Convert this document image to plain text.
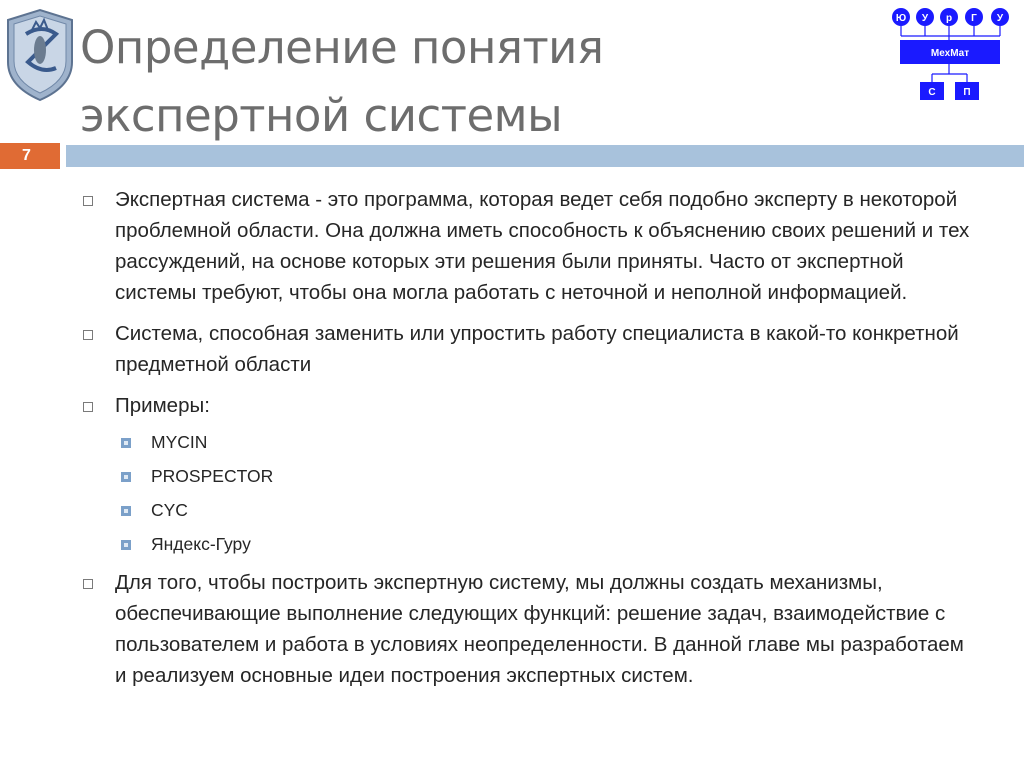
Определение понятия
экспертной системы
Ю У р Г У
МехМат
С	П
7
Экспертная система - это программа, которая ведет себя подобно эксперту в некоторой проблемной области. Она должна иметь способность к объяснению своих решений и тех рассуждений, на основе которых эти решения были приняты. Часто от экспертной системы требуют, чтобы она могла работать с неточной и неполной информацией.
Система, способная заменить или упростить работу специалиста в какой-то конкретной предметной области
Примеры:
MYCIN
PROSPECTOR
CYC
Яндекс-Гуру
Для того, чтобы построить экспертную систему, мы должны создать механизмы, обеспечивающие выполнение следующих функций: решение задач, взаимодействие с пользователем и работа в условиях неопределенности. В данной главе мы разработаем и реализуем основные идеи построения экспертных систем.
